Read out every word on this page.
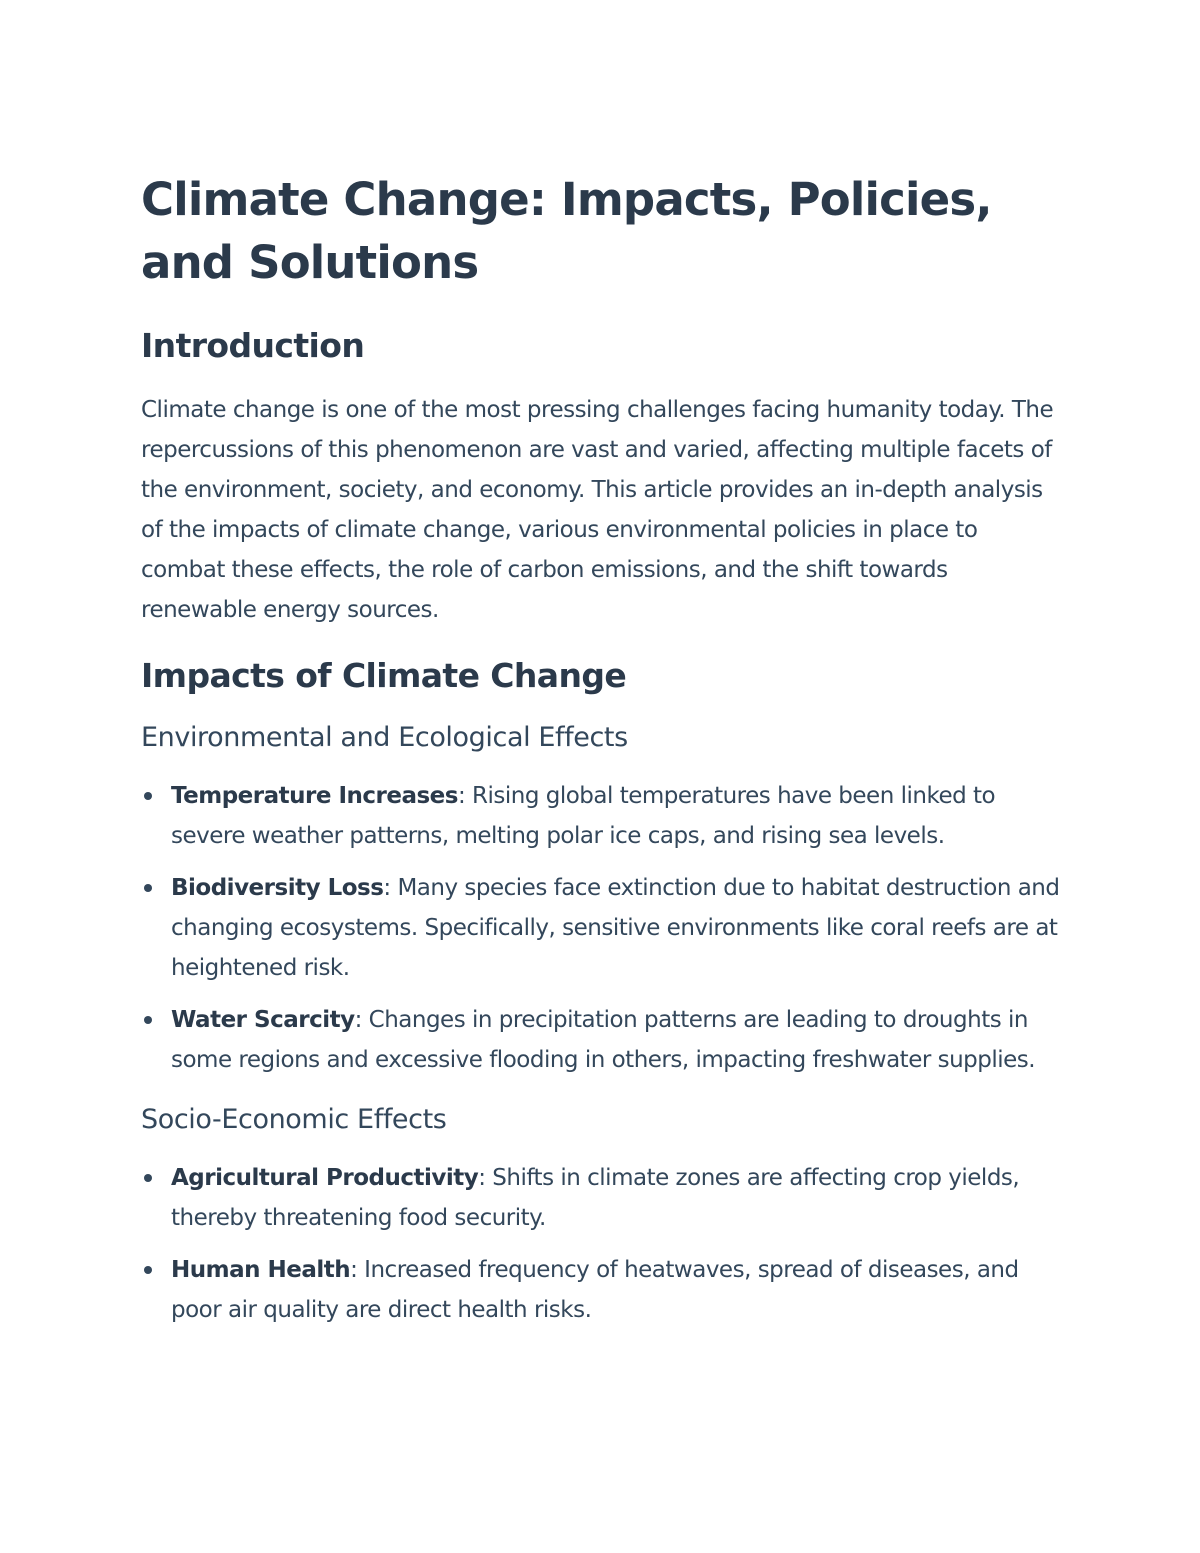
Climate Change: Impacts, Policies, and Solutions
Introduction

Climate change is one of the most pressing challenges facing humanity today. The repercussions of this phenomenon are vast and varied, affecting multiple facets of the environment, society, and economy. This article provides an in-depth analysis of the impacts of climate change, various environmental policies in place to combat these effects, the role of carbon emissions, and the shift towards renewable energy sources.

Impacts of Climate Change
Environmental and Ecological Effects
Temperature Increases: Rising global temperatures have been linked to severe weather patterns, melting polar ice caps, and rising sea levels.
Biodiversity Loss: Many species face extinction due to habitat destruction and changing ecosystems. Specifically, sensitive environments like coral reefs are at heightened risk.
Water Scarcity: Changes in precipitation patterns are leading to droughts in some regions and excessive flooding in others, impacting freshwater supplies.
Socio-Economic Effects
Agricultural Productivity: Shifts in climate zones are affecting crop yields, thereby threatening food security.
Human Health: Increased frequency of heatwaves, spread of diseases, and poor air quality are direct health risks.
